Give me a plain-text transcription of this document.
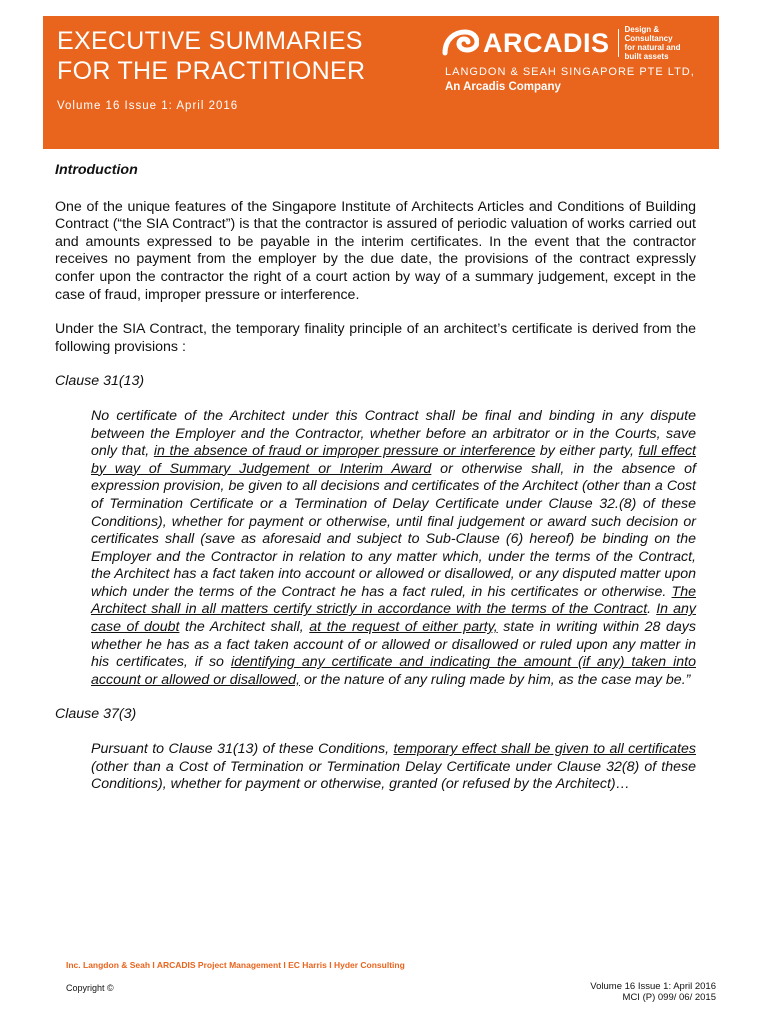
EXECUTIVE SUMMARIES
FOR THE PRACTITIONER
Volume 16 Issue 1: April 2016
ARCADIS Design & Consultancy
for natural and
built assets
LANGDON & SEAH SINGAPORE PTE LTD,
An Arcadis Company

Introduction

One of the unique features of the Singapore Institute of Architects Articles and Conditions of Building Contract (“the SIA Contract”) is that the contractor is assured of periodic valuation of works carried out and amounts expressed to be payable in the interim certificates. In the event that the contractor receives no payment from the employer by the due date, the provisions of the contract expressly confer upon the contractor the right of a court action by way of a summary judgement, except in the case of fraud, improper pressure or interference.

Under the SIA Contract, the temporary finality principle of an architect’s certificate is derived from the following provisions :

Clause 31(13)

No certificate of the Architect under this Contract shall be final and binding in any dispute between the Employer and the Contractor, whether before an arbitrator or in the Courts, save only that, in the absence of fraud or improper pressure or interference by either party, full effect by way of Summary Judgement or Interim Award or otherwise shall, in the absence of expression provision, be given to all decisions and certificates of the Architect (other than a Cost of Termination Certificate or a Termination of Delay Certificate under Clause 32.(8) of these Conditions), whether for payment or otherwise, until final judgement or award such decision or certificates shall (save as aforesaid and subject to Sub-Clause (6) hereof) be binding on the Employer and the Contractor in relation to any matter which, under the terms of the Contract, the Architect has a fact taken into account or allowed or disallowed, or any disputed matter upon which under the terms of the Contract he has a fact ruled, in his certificates or otherwise. The Architect shall in all matters certify strictly in accordance with the terms of the Contract. In any case of doubt the Architect shall, at the request of either party, state in writing within 28 days whether he has as a fact taken account of or allowed or disallowed or ruled upon any matter in his certificates, if so identifying any certificate and indicating the amount (if any) taken into account or allowed or disallowed, or the nature of any ruling made by him, as the case may be.”

Clause 37(3)

Pursuant to Clause 31(13) of these Conditions, temporary effect shall be given to all certificates (other than a Cost of Termination or Termination Delay Certificate under Clause 32(8) of these Conditions), whether for payment or otherwise, granted (or refused by the Architect)…

Inc. Langdon & Seah I ARCADIS Project Management I EC Harris I Hyder Consulting
Copyright ©	Volume 16 Issue 1: April 2016
MCI (P) 099/ 06/ 2015
